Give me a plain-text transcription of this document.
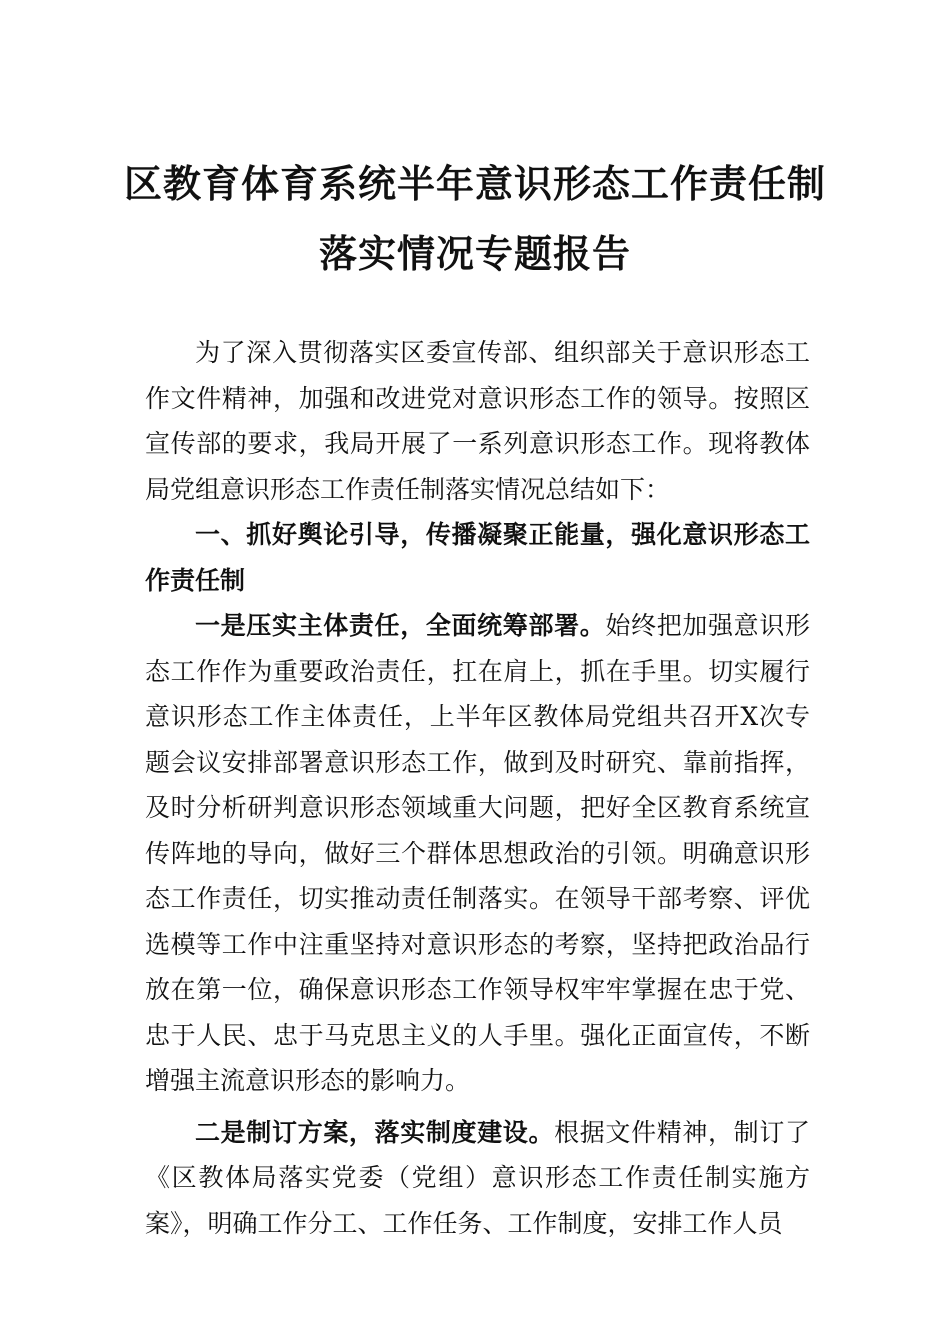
区教育体育系统半年意识形态工作责任制
落实情况专题报告

为了深入贯彻落实区委宣传部、组织部关于意识形态工作文件精神，加强和改进党对意识形态工作的领导。按照区宣传部的要求，我局开展了一系列意识形态工作。现将教体局党组意识形态工作责任制落实情况总结如下：

一、抓好舆论引导，传播凝聚正能量，强化意识形态工作责任制

一是压实主体责任，全面统筹部署。始终把加强意识形态工作作为重要政治责任，扛在肩上，抓在手里。切实履行意识形态工作主体责任，上半年区教体局党组共召开X次专题会议安排部署意识形态工作，做到及时研究、靠前指挥，及时分析研判意识形态领域重大问题，把好全区教育系统宣传阵地的导向，做好三个群体思想政治的引领。明确意识形态工作责任，切实推动责任制落实。在领导干部考察、评优选模等工作中注重坚持对意识形态的考察，坚持把政治品行放在第一位，确保意识形态工作领导权牢牢掌握在忠于党、忠于人民、忠于马克思主义的人手里。强化正面宣传，不断增强主流意识形态的影响力。

二是制订方案，落实制度建设。根据文件精神，制订了《区教体局落实党委（党组）意识形态工作责任制实施方案》，明确工作分工、工作任务、工作制度，安排工作人员
